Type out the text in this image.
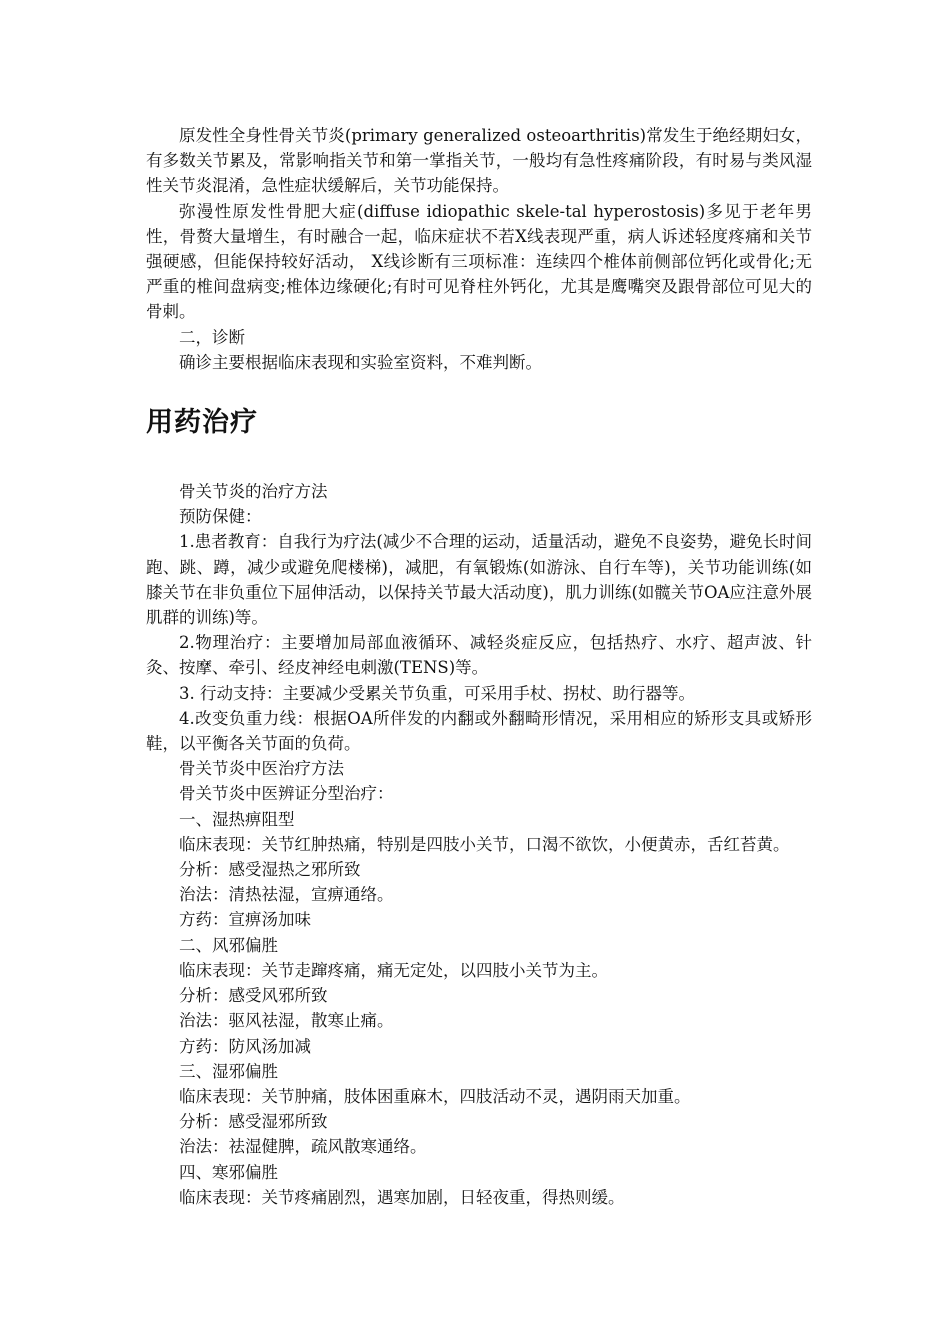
原发性全身性骨关节炎(primary generalized osteoarthritis)常发生于绝经期妇女，有多数关节累及，常影响指关节和第一掌指关节，一般均有急性疼痛阶段，有时易与类风湿性关节炎混淆，急性症状缓解后，关节功能保持。

弥漫性原发性骨肥大症(diffuse idiopathic skele-tal hyperostosis)多见于老年男性，骨赘大量增生，有时融合一起，临床症状不若X线表现严重，病人诉述轻度疼痛和关节强硬感，但能保持较好活动， X线诊断有三项标准：连续四个椎体前侧部位钙化或骨化;无严重的椎间盘病变;椎体边缘硬化;有时可见脊柱外钙化，尤其是鹰嘴突及跟骨部位可见大的骨刺。

二，诊断

确诊主要根据临床表现和实验室资料，不难判断。

用药治疗

骨关节炎的治疗方法

预防保健：

1.患者教育：自我行为疗法(减少不合理的运动，适量活动，避免不良姿势，避免长时间跑、跳、蹲，减少或避免爬楼梯)，减肥，有氧锻炼(如游泳、自行车等)，关节功能训练(如膝关节在非负重位下屈伸活动，以保持关节最大活动度)，肌力训练(如髋关节OA应注意外展肌群的训练)等。

2.物理治疗：主要增加局部血液循环、减轻炎症反应，包括热疗、水疗、超声波、针灸、按摩、牵引、经皮神经电刺激(TENS)等。

3. 行动支持：主要减少受累关节负重，可采用手杖、拐杖、助行器等。

4.改变负重力线：根据OA所伴发的内翻或外翻畸形情况，采用相应的矫形支具或矫形鞋，以平衡各关节面的负荷。

骨关节炎中医治疗方法

骨关节炎中医辨证分型治疗：

一、湿热痹阻型

临床表现：关节红肿热痛，特别是四肢小关节，口渴不欲饮，小便黄赤，舌红苔黄。

分析：感受湿热之邪所致

治法：清热祛湿，宣痹通络。

方药：宣痹汤加味

二、风邪偏胜

临床表现：关节走蹿疼痛，痛无定处，以四肢小关节为主。

分析：感受风邪所致

治法：驱风祛湿，散寒止痛。

方药：防风汤加减

三、湿邪偏胜

临床表现：关节肿痛，肢体困重麻木，四肢活动不灵，遇阴雨天加重。

分析：感受湿邪所致

治法：祛湿健脾，疏风散寒通络。

四、寒邪偏胜

临床表现：关节疼痛剧烈，遇寒加剧，日轻夜重，得热则缓。
